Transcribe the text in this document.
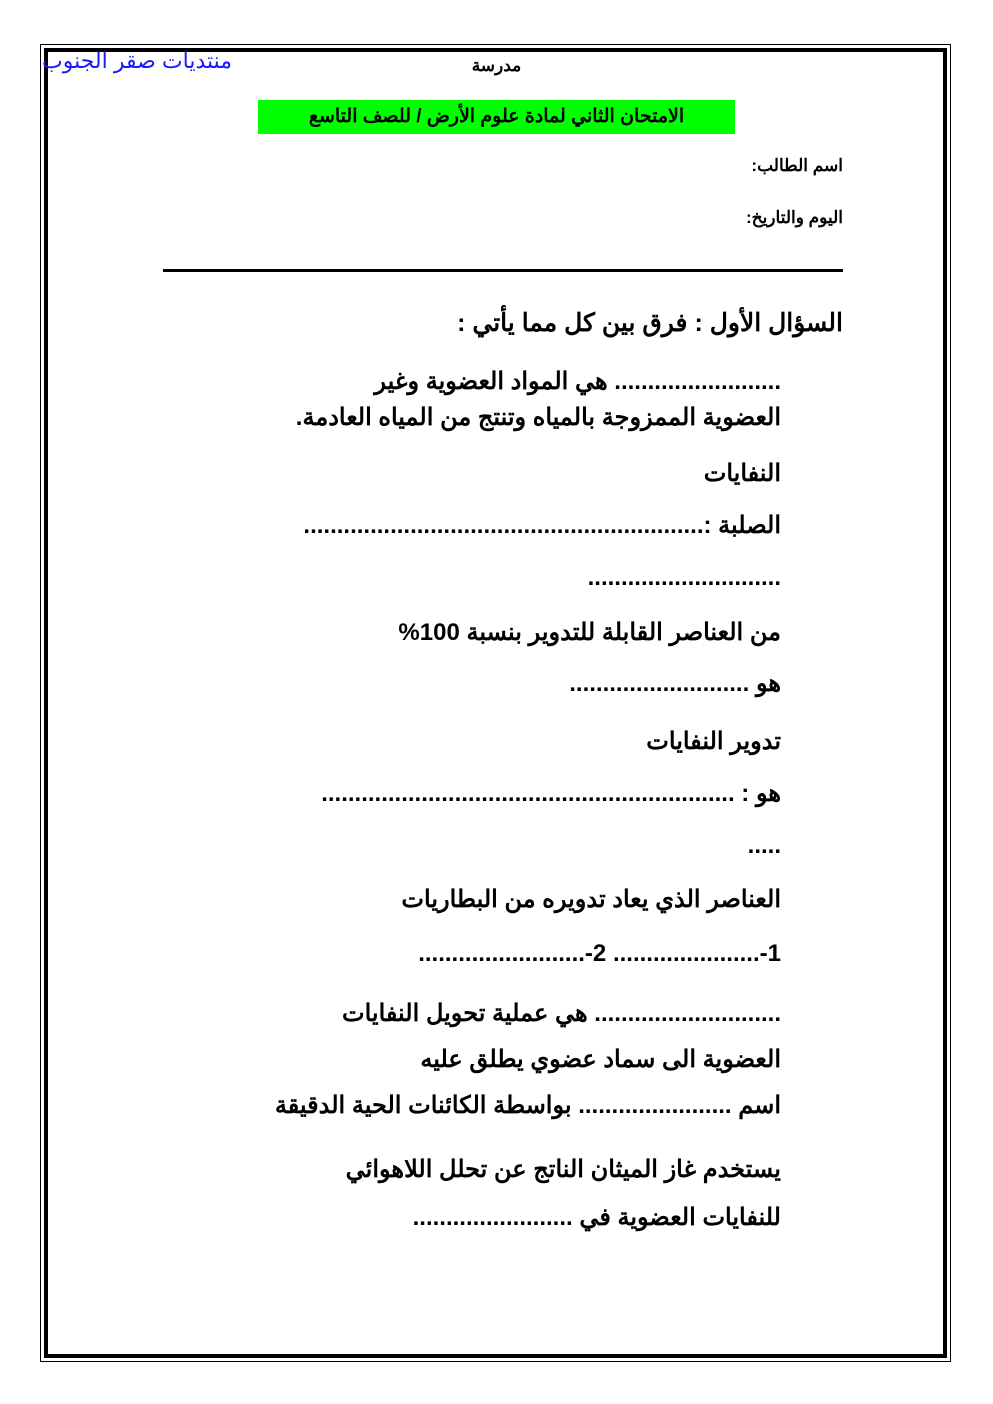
منتديات صقر الجنوب	مدرسة
الامتحان الثاني لمادة علوم الأرض / للصف التاسع
اسم الطالب:
اليوم والتاريخ:
السؤال الأول : فرق بين كل مما يأتي :
......................... هي المواد العضوية وغير
العضوية الممزوجة بالمياه وتنتج من المياه العادمة.
النفايات
الصلبة :............................................................
.............................
من العناصر القابلة للتدوير بنسبة 100%
هو ...........................
تدوير النفايات
هو : ..............................................................
.....
العناصر الذي يعاد تدويره من البطاريات
1-...................... 2-.........................
............................ هي عملية تحويل النفايات
العضوية الى سماد عضوي يطلق عليه
اسم ....................... بواسطة الكائنات الحية الدقيقة
يستخدم غاز الميثان الناتج عن تحلل اللاهوائي
للنفايات العضوية في ........................
